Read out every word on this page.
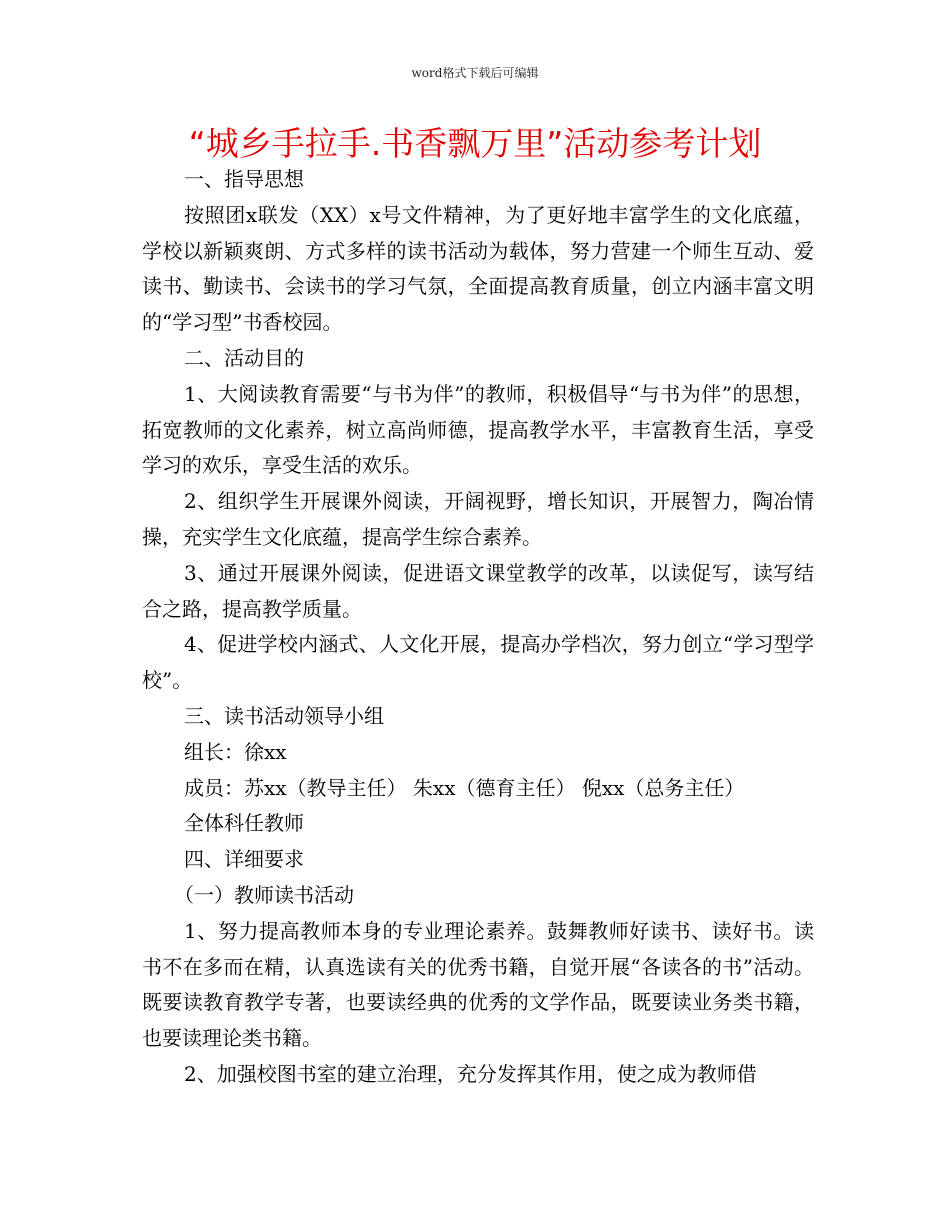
word格式下载后可编辑
“城乡手拉手.书香飘万里”活动参考计划

一、指导思想

按照团x联发（XX）x号文件精神，为了更好地丰富学生的文化底蕴，学校以新颖爽朗、方式多样的读书活动为载体，努力营建一个师生互动、爱读书、勤读书、会读书的学习气氛，全面提高教育质量，创立内涵丰富文明的“学习型”书香校园。

二、活动目的

1、大阅读教育需要“与书为伴”的教师，积极倡导“与书为伴”的思想，拓宽教师的文化素养，树立高尚师德，提高教学水平，丰富教育生活，享受学习的欢乐，享受生活的欢乐。

2、组织学生开展课外阅读，开阔视野，增长知识，开展智力，陶冶情操，充实学生文化底蕴，提高学生综合素养。

3、通过开展课外阅读，促进语文课堂教学的改革，以读促写，读写结合之路，提高教学质量。

4、促进学校内涵式、人文化开展，提高办学档次，努力创立“学习型学校”。

三、读书活动领导小组

组长：徐xx

成员：苏xx（教导主任） 朱xx（德育主任） 倪xx（总务主任）

全体科任教师

四、详细要求

（一）教师读书活动

1、努力提高教师本身的专业理论素养。鼓舞教师好读书、读好书。读书不在多而在精，认真选读有关的优秀书籍，自觉开展“各读各的书”活动。既要读教育教学专著，也要读经典的优秀的文学作品，既要读业务类书籍，也要读理论类书籍。

2、加强校图书室的建立治理，充分发挥其作用，使之成为教师借
